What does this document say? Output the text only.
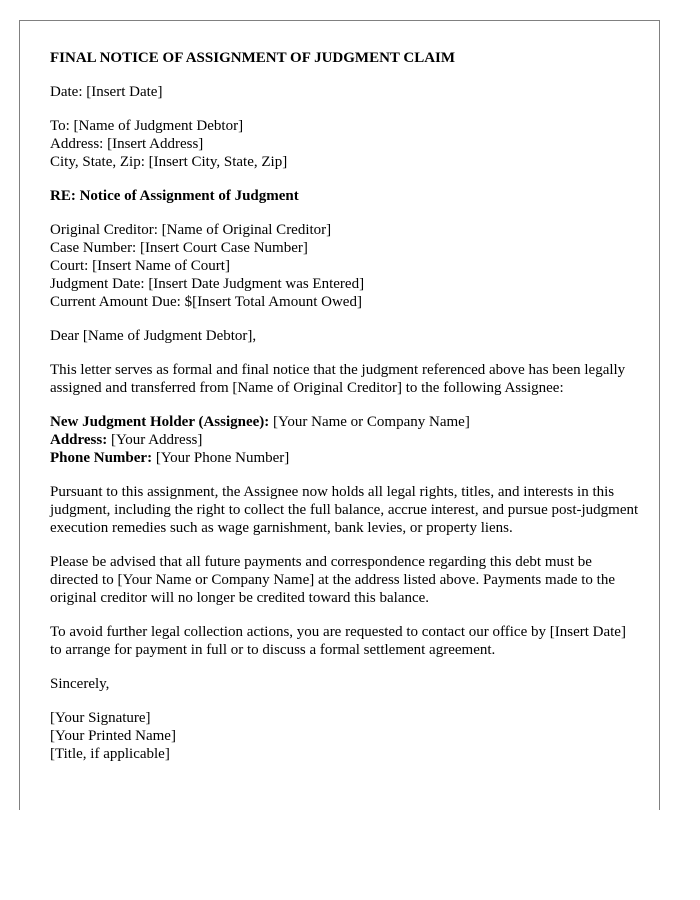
FINAL NOTICE OF ASSIGNMENT OF JUDGMENT CLAIM

Date: [Insert Date]

To: [Name of Judgment Debtor]

Address: [Insert Address]

City, State, Zip: [Insert City, State, Zip]

RE: Notice of Assignment of Judgment

Original Creditor: [Name of Original Creditor]

Case Number: [Insert Court Case Number]

Court: [Insert Name of Court]

Judgment Date: [Insert Date Judgment was Entered]

Current Amount Due: $[Insert Total Amount Owed]

Dear [Name of Judgment Debtor],

This letter serves as formal and final notice that the judgment referenced above has been legally assigned and transferred from [Name of Original Creditor] to the following Assignee:

New Judgment Holder (Assignee): [Your Name or Company Name]

Address: [Your Address]

Phone Number: [Your Phone Number]

Pursuant to this assignment, the Assignee now holds all legal rights, titles, and interests in this judgment, including the right to collect the full balance, accrue interest, and pursue post-judgment execution remedies such as wage garnishment, bank levies, or property liens.

Please be advised that all future payments and correspondence regarding this debt must be directed to [Your Name or Company Name] at the address listed above. Payments made to the original creditor will no longer be credited toward this balance.

To avoid further legal collection actions, you are requested to contact our office by [Insert Date] to arrange for payment in full or to discuss a formal settlement agreement.

Sincerely,

[Your Signature]

[Your Printed Name]

[Title, if applicable]
